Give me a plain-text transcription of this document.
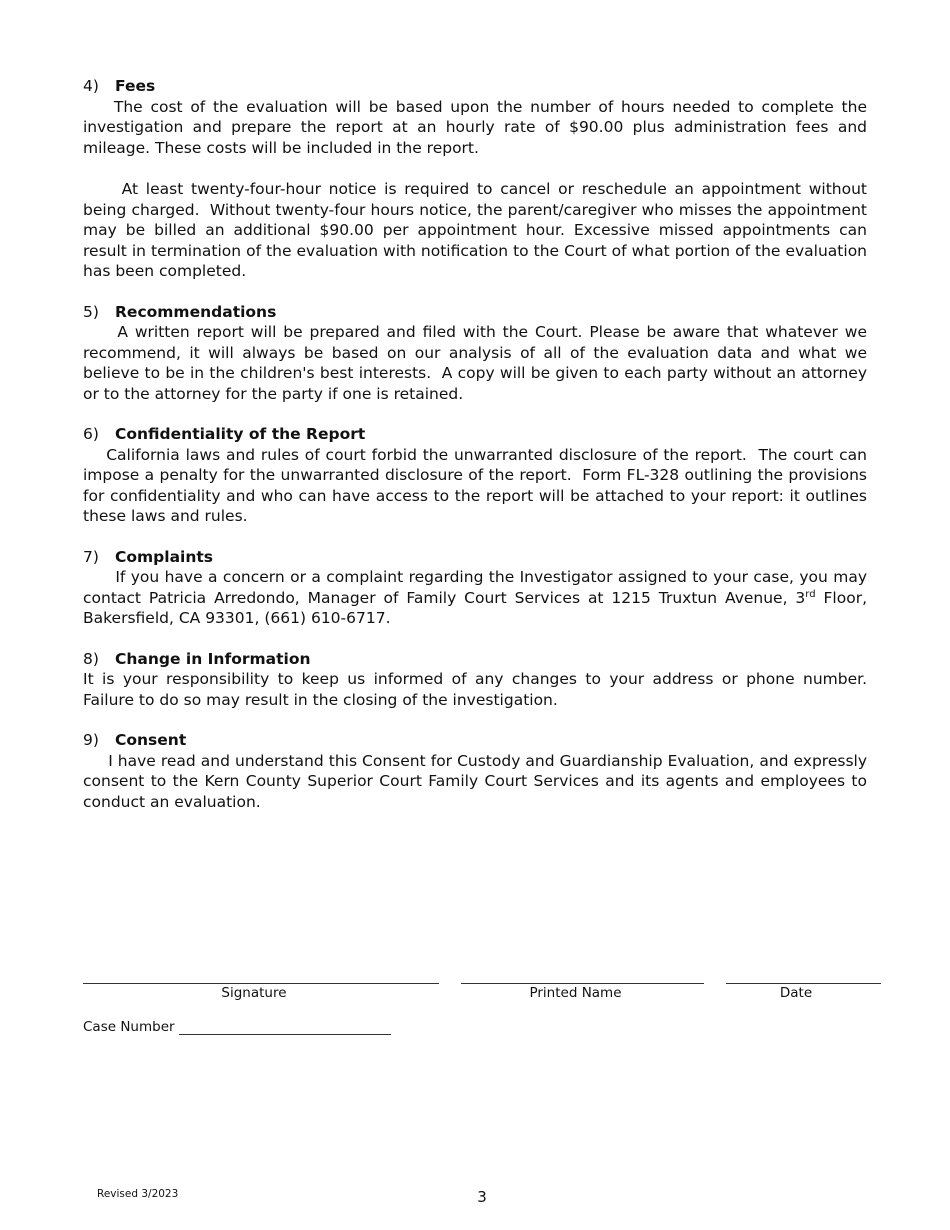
4) Fees

The cost of the evaluation will be based upon the number of hours needed to complete the investigation and prepare the report at an hourly rate of $90.00 plus administration fees and mileage. These costs will be included in the report.

At least twenty-four-hour notice is required to cancel or reschedule an appointment without being charged.  Without twenty-four hours notice, the parent/caregiver who misses the appointment may be billed an additional $90.00 per appointment hour. Excessive missed appointments can result in termination of the evaluation with notification to the Court of what portion of the evaluation has been completed.

5) Recommendations

A written report will be prepared and filed with the Court. Please be aware that whatever we recommend, it will always be based on our analysis of all of the evaluation data and what we believe to be in the children's best interests.  A copy will be given to each party without an attorney or to the attorney for the party if one is retained.

6) Confidentiality of the Report

California laws and rules of court forbid the unwarranted disclosure of the report.  The court can impose a penalty for the unwarranted disclosure of the report.  Form FL-328 outlining the provisions for confidentiality and who can have access to the report will be attached to your report: it outlines these laws and rules.

7) Complaints

If you have a concern or a complaint regarding the Investigator assigned to your case, you may contact Patricia Arredondo, Manager of Family Court Services at 1215 Truxtun Avenue, 3rd Floor, Bakersfield, CA 93301, (661) 610-6717.

8) Change in Information

It is your responsibility to keep us informed of any changes to your address or phone number.  Failure to do so may result in the closing of the investigation.

9) Consent

I have read and understand this Consent for Custody and Guardianship Evaluation, and expressly consent to the Kern County Superior Court Family Court Services and its agents and employees to conduct an evaluation.

Signature	Printed Name	Date
Case Number
Revised 3/2023	3
